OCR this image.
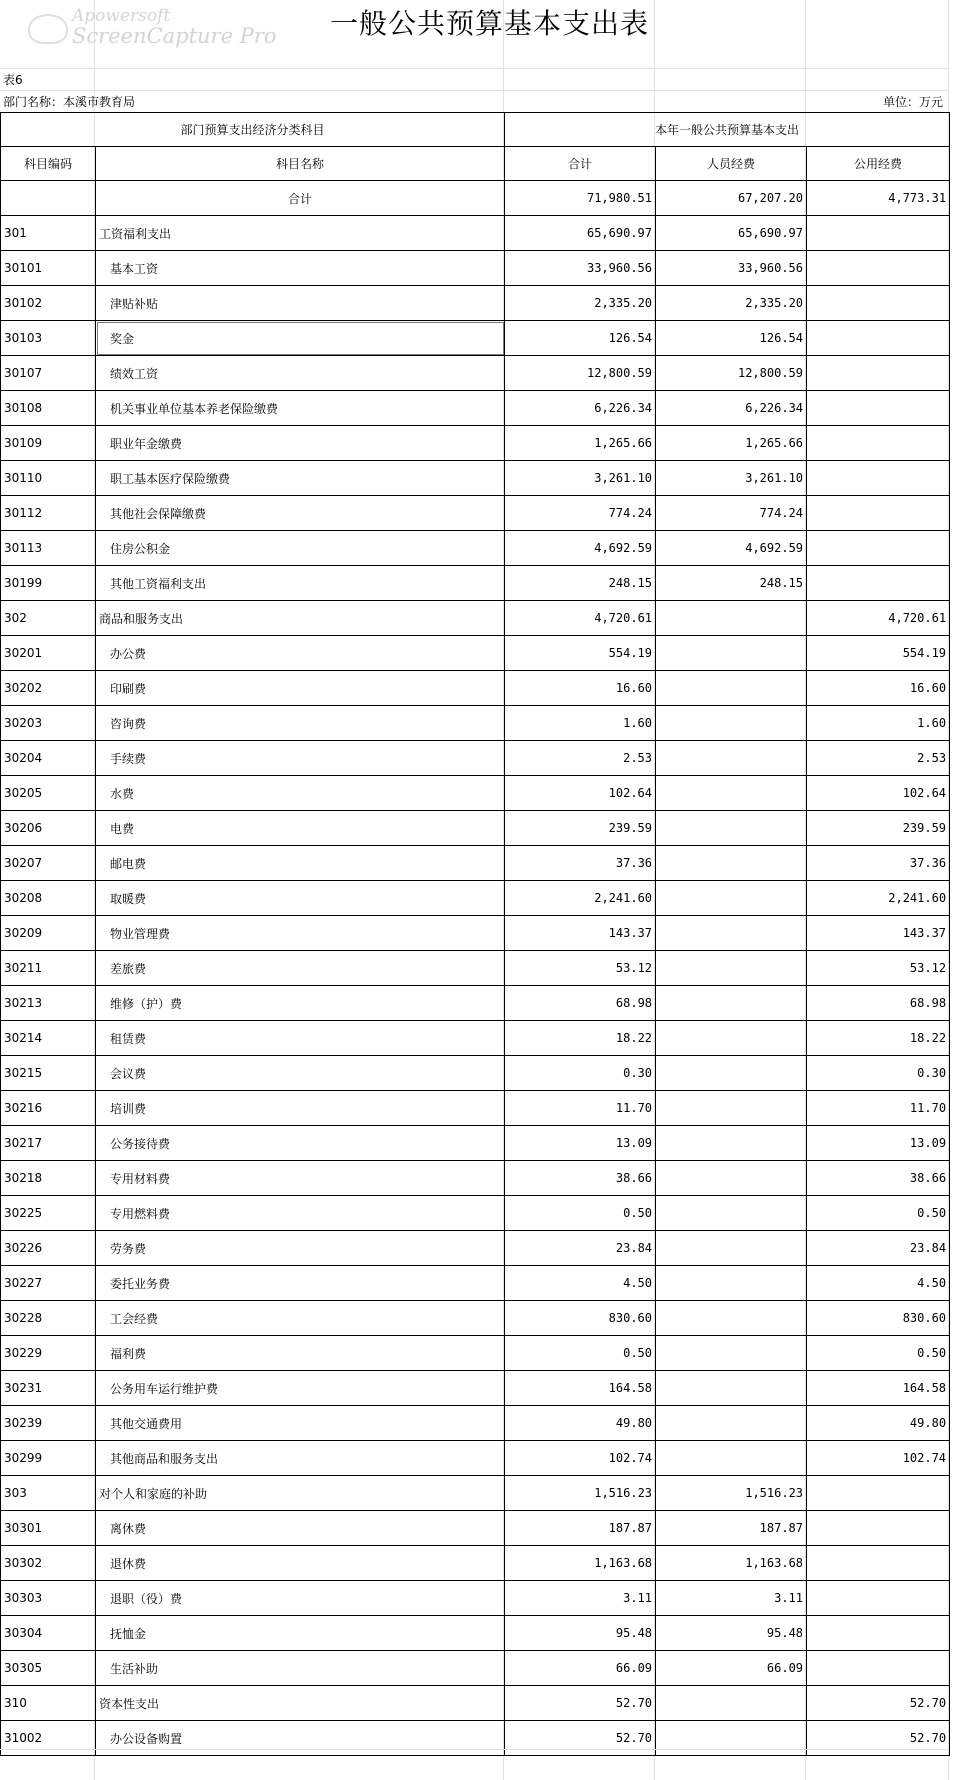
Apowersoft
ScreenCapture Pro	一般公共预算基本支出表
表6
部门名称：本溪市教育局	单位：万元
部门预算支出经济分类科目		本年一般公共预算基本支出		
科目编码	科目名称	合计	人员经费	公用经费
	合计	71,980.51	67,207.20	4,773.31
301	工资福利支出	65,690.97	65,690.97	
30101	基本工资	33,960.56	33,960.56	
30102	津贴补贴	2,335.20	2,335.20	
30103	奖金	126.54	126.54	
30107	绩效工资	12,800.59	12,800.59	
30108	机关事业单位基本养老保险缴费	6,226.34	6,226.34	
30109	职业年金缴费	1,265.66	1,265.66	
30110	职工基本医疗保险缴费	3,261.10	3,261.10	
30112	其他社会保障缴费	774.24	774.24	
30113	住房公积金	4,692.59	4,692.59	
30199	其他工资福利支出	248.15	248.15	
302	商品和服务支出	4,720.61		4,720.61
30201	办公费	554.19		554.19
30202	印刷费	16.60		16.60
30203	咨询费	1.60		1.60
30204	手续费	2.53		2.53
30205	水费	102.64		102.64
30206	电费	239.59		239.59
30207	邮电费	37.36		37.36
30208	取暖费	2,241.60		2,241.60
30209	物业管理费	143.37		143.37
30211	差旅费	53.12		53.12
30213	维修（护）费	68.98		68.98
30214	租赁费	18.22		18.22
30215	会议费	0.30		0.30
30216	培训费	11.70		11.70
30217	公务接待费	13.09		13.09
30218	专用材料费	38.66		38.66
30225	专用燃料费	0.50		0.50
30226	劳务费	23.84		23.84
30227	委托业务费	4.50		4.50
30228	工会经费	830.60		830.60
30229	福利费	0.50		0.50
30231	公务用车运行维护费	164.58		164.58
30239	其他交通费用	49.80		49.80
30299	其他商品和服务支出	102.74		102.74
303	对个人和家庭的补助	1,516.23	1,516.23	
30301	离休费	187.87	187.87	
30302	退休费	1,163.68	1,163.68	
30303	退职（役）费	3.11	3.11	
30304	抚恤金	95.48	95.48	
30305	生活补助	66.09	66.09	
310	资本性支出	52.70		52.70
31002	办公设备购置	52.70		52.70
